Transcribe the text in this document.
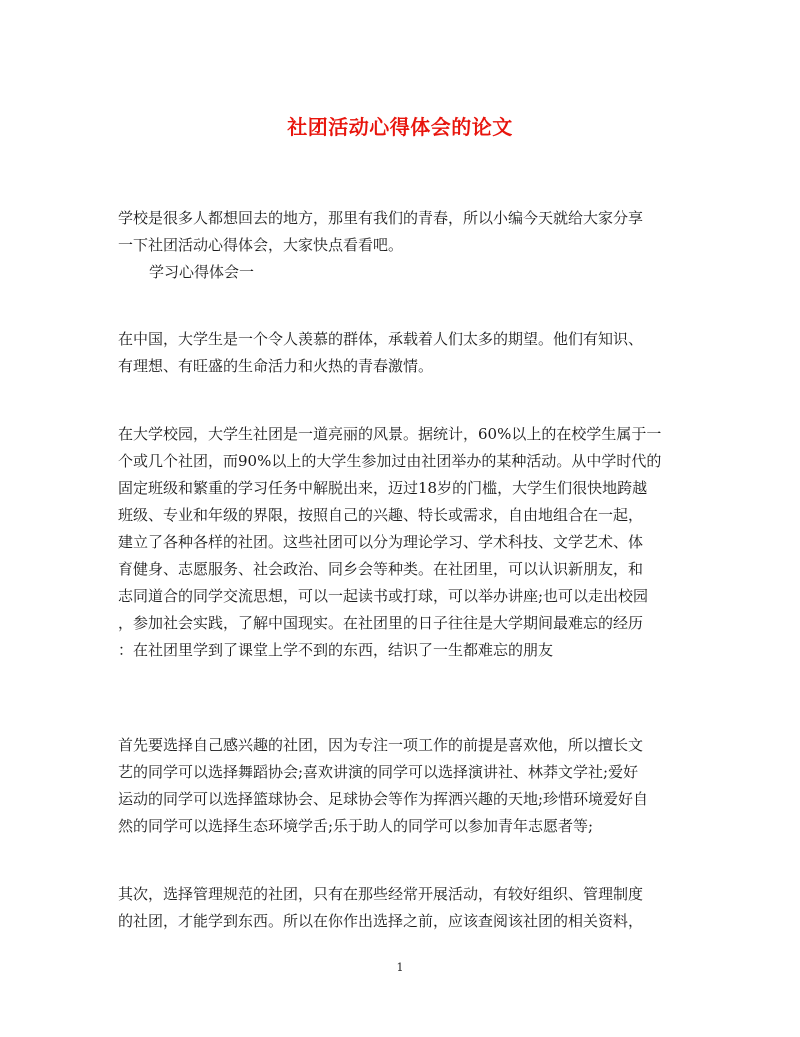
社团活动心得体会的论文
学校是很多人都想回去的地方，那里有我们的青春，所以小编今天就给大家分享
一下社团活动心得体会，大家快点看看吧。
学习心得体会一
在中国，大学生是一个令人羡慕的群体，承载着人们太多的期望。他们有知识、
有理想、有旺盛的生命活力和火热的青春激情。
在大学校园，大学生社团是一道亮丽的风景。据统计，60%以上的在校学生属于一
个或几个社团，而90%以上的大学生参加过由社团举办的某种活动。从中学时代的
固定班级和繁重的学习任务中解脱出来，迈过18岁的门槛，大学生们很快地跨越
班级、专业和年级的界限，按照自己的兴趣、特长或需求，自由地组合在一起，
建立了各种各样的社团。这些社团可以分为理论学习、学术科技、文学艺术、体
育健身、志愿服务、社会政治、同乡会等种类。在社团里，可以认识新朋友，和
志同道合的同学交流思想，可以一起读书或打球，可以举办讲座;也可以走出校园
，参加社会实践，了解中国现实。在社团里的日子往往是大学期间最难忘的经历
：在社团里学到了课堂上学不到的东西，结识了一生都难忘的朋友
首先要选择自己感兴趣的社团，因为专注一项工作的前提是喜欢他，所以擅长文
艺的同学可以选择舞蹈协会;喜欢讲演的同学可以选择演讲社、林莽文学社;爱好
运动的同学可以选择篮球协会、足球协会等作为挥洒兴趣的天地;珍惜环境爱好自
然的同学可以选择生态环境学舌;乐于助人的同学可以参加青年志愿者等;
其次，选择管理规范的社团，只有在那些经常开展活动，有较好组织、管理制度
的社团，才能学到东西。所以在你作出选择之前，应该查阅该社团的相关资料，
1
